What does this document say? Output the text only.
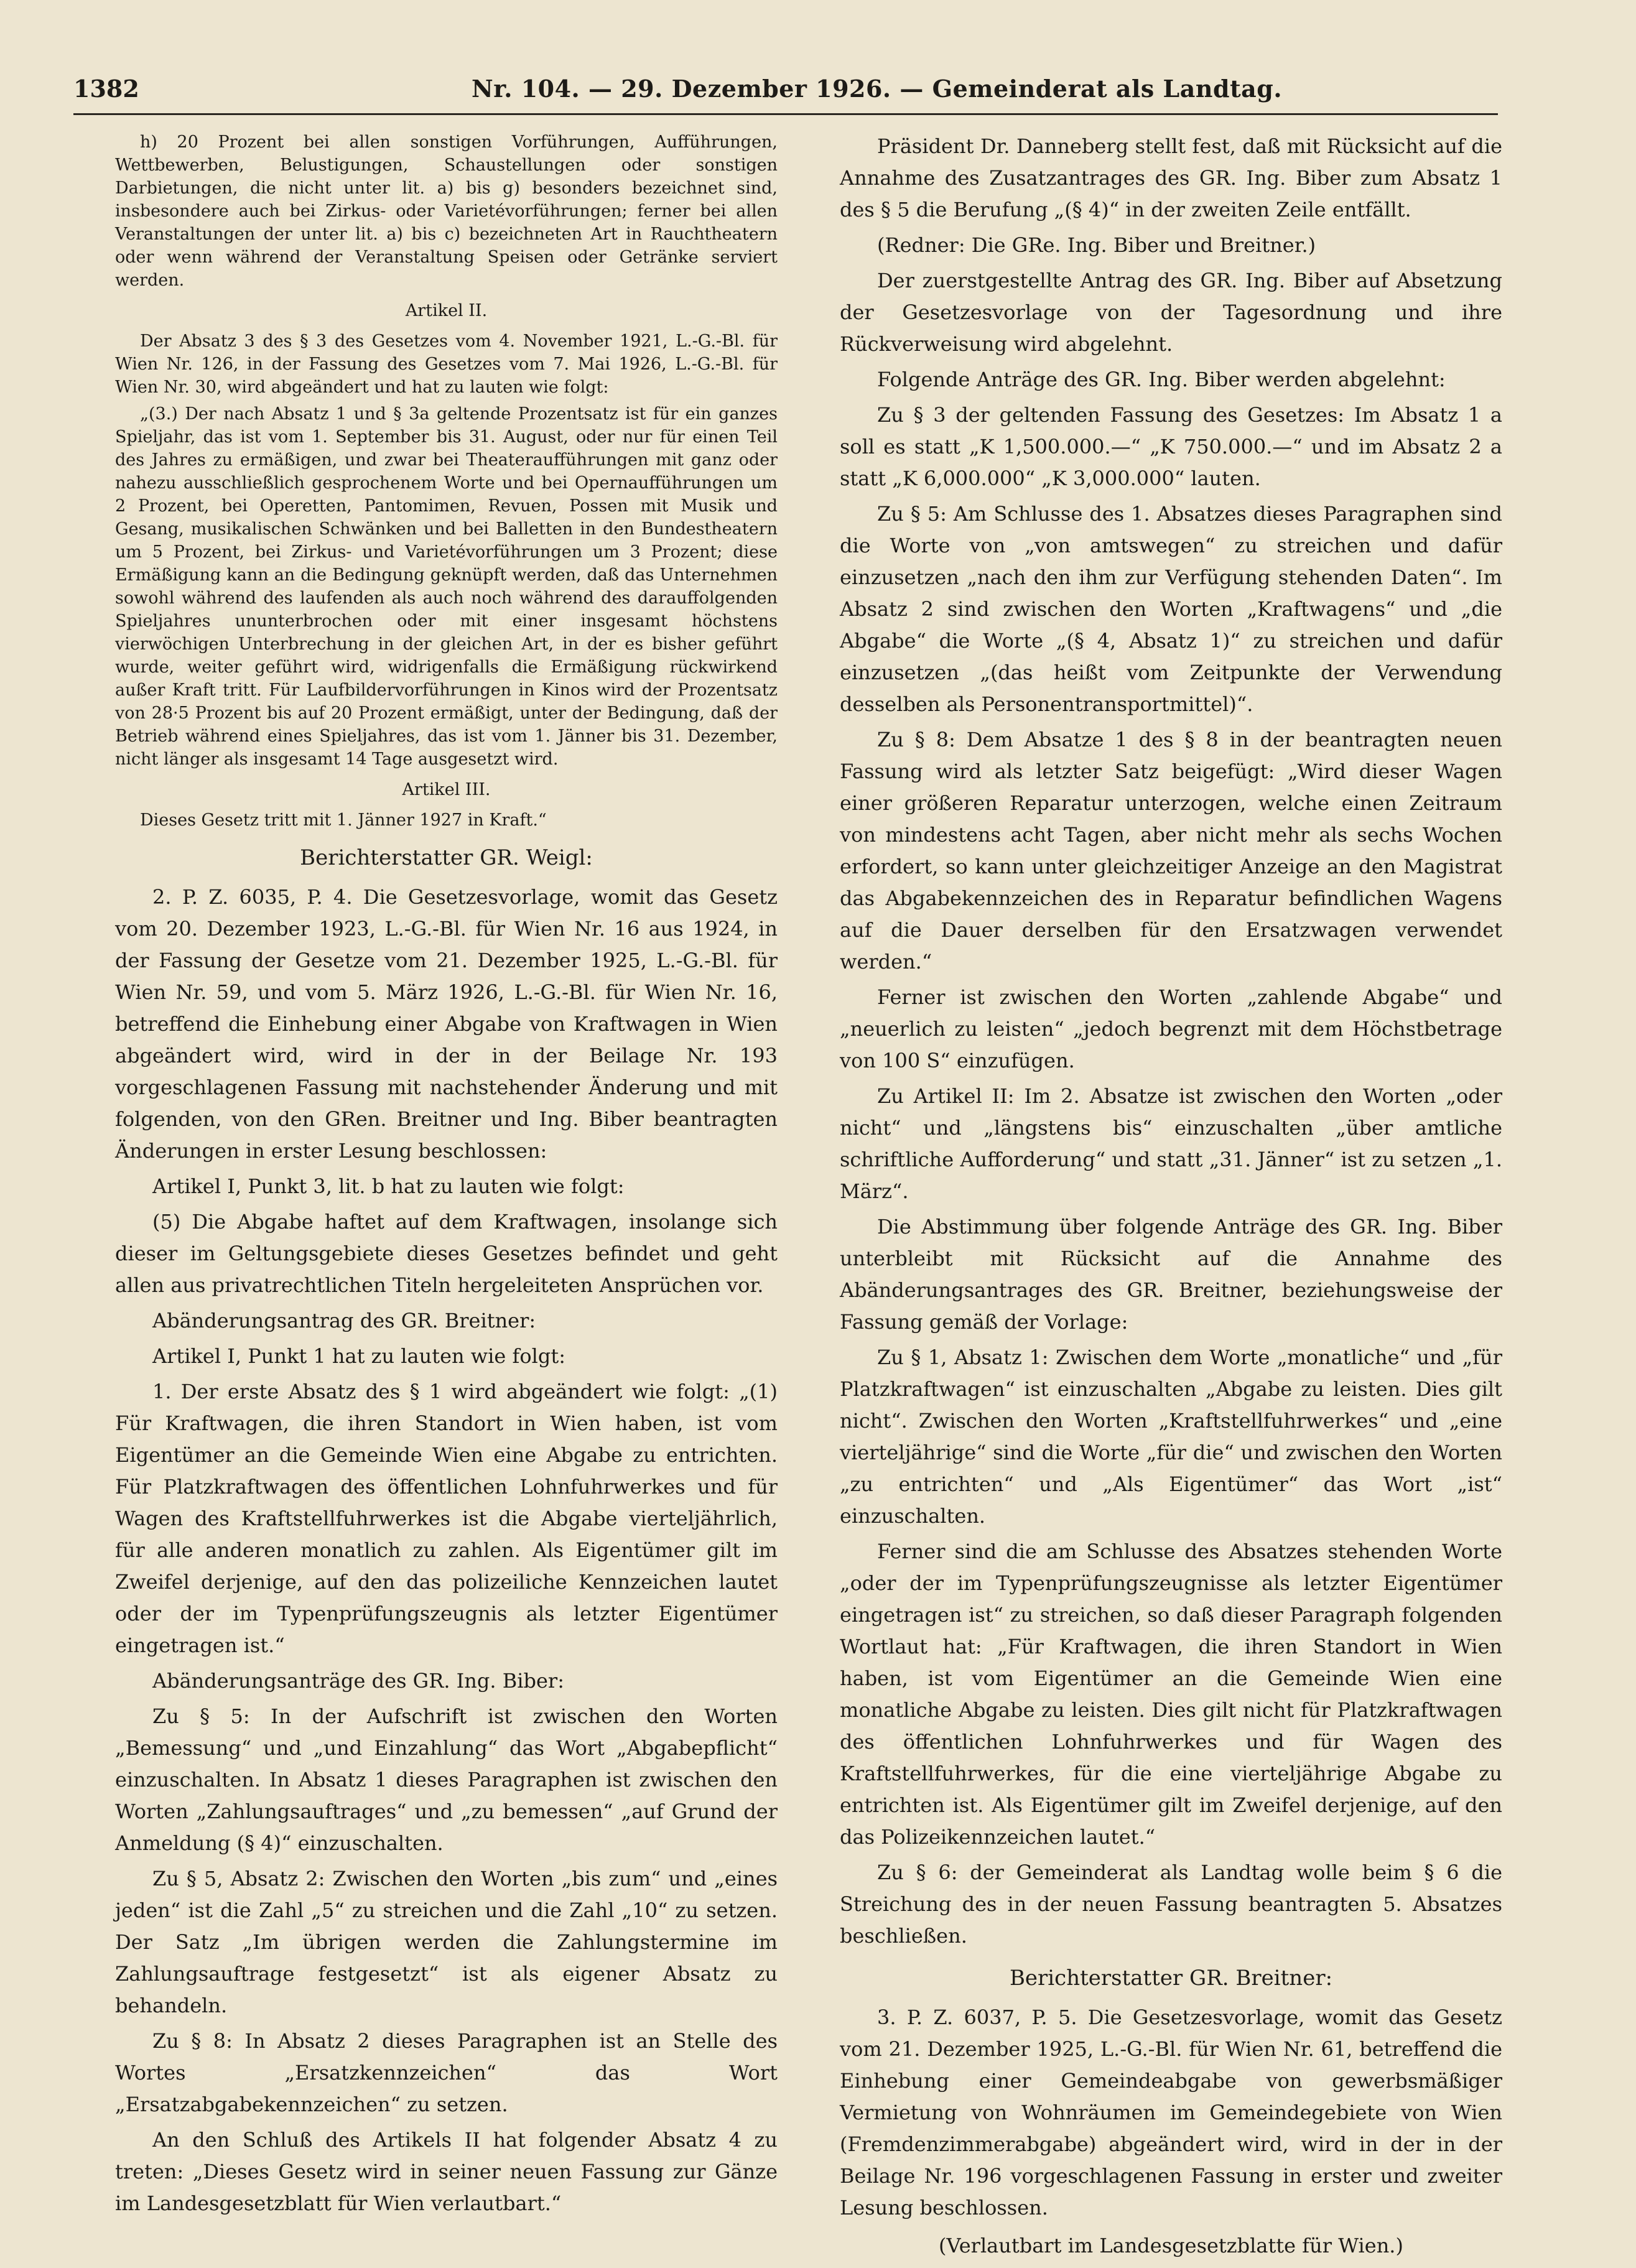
1382	Nr. 104. — 29. Dezember 1926. — Gemeinderat als Landtag.

h) 20 Prozent bei allen sonstigen Vorführungen, Aufführungen, Wettbewerben, Belustigungen, Schaustellungen oder sonstigen Darbietungen, die nicht unter lit. a) bis g) besonders bezeichnet sind, insbesondere auch bei Zirkus- oder Varietévorführungen; ferner bei allen Veranstaltungen der unter lit. a) bis c) bezeichneten Art in Rauchtheatern oder wenn während der Veranstaltung Speisen oder Getränke serviert werden.

Artikel II.

Der Absatz 3 des § 3 des Gesetzes vom 4. November 1921, L.-G.-Bl. für Wien Nr. 126, in der Fassung des Gesetzes vom 7. Mai 1926, L.-G.-Bl. für Wien Nr. 30, wird abgeändert und hat zu lauten wie folgt:

„(3.) Der nach Absatz 1 und § 3a geltende Prozentsatz ist für ein ganzes Spieljahr, das ist vom 1. September bis 31. August, oder nur für einen Teil des Jahres zu ermäßigen, und zwar bei Theateraufführungen mit ganz oder nahezu ausschließlich gesprochenem Worte und bei Opernaufführungen um 2 Prozent, bei Operetten, Pantomimen, Revuen, Possen mit Musik und Gesang, musikalischen Schwänken und bei Balletten in den Bundestheatern um 5 Prozent, bei Zirkus- und Varietévorführungen um 3 Prozent; diese Ermäßigung kann an die Bedingung geknüpft werden, daß das Unternehmen sowohl während des laufenden als auch noch während des darauffolgenden Spieljahres ununterbrochen oder mit einer insgesamt höchstens vierwöchigen Unterbrechung in der gleichen Art, in der es bisher geführt wurde, weiter geführt wird, widrigenfalls die Ermäßigung rückwirkend außer Kraft tritt. Für Laufbildervorführungen in Kinos wird der Prozentsatz von 28·5 Prozent bis auf 20 Prozent ermäßigt, unter der Bedingung, daß der Betrieb während eines Spieljahres, das ist vom 1. Jänner bis 31. Dezember, nicht länger als insgesamt 14 Tage ausgesetzt wird.

Artikel III.

Dieses Gesetz tritt mit 1. Jänner 1927 in Kraft.“

Berichterstatter GR. Weigl:

2. P. Z. 6035, P. 4. Die Gesetzesvorlage, womit das Gesetz vom 20. Dezember 1923, L.-G.-Bl. für Wien Nr. 16 aus 1924, in der Fassung der Gesetze vom 21. Dezember 1925, L.-G.-Bl. für Wien Nr. 59, und vom 5. März 1926, L.-G.-Bl. für Wien Nr. 16, betreffend die Einhebung einer Abgabe von Kraftwagen in Wien abgeändert wird, wird in der in der Beilage Nr. 193 vorgeschlagenen Fassung mit nachstehender Änderung und mit folgenden, von den GRen. Breitner und Ing. Biber beantragten Änderungen in erster Lesung beschlossen:

Artikel I, Punkt 3, lit. b hat zu lauten wie folgt:

(5) Die Abgabe haftet auf dem Kraftwagen, insolange sich dieser im Geltungsgebiete dieses Gesetzes befindet und geht allen aus privatrechtlichen Titeln hergeleiteten Ansprüchen vor.

Abänderungsantrag des GR. Breitner:

Artikel I, Punkt 1 hat zu lauten wie folgt:

1. Der erste Absatz des § 1 wird abgeändert wie folgt: „(1) Für Kraftwagen, die ihren Standort in Wien haben, ist vom Eigentümer an die Gemeinde Wien eine Abgabe zu entrichten. Für Platzkraftwagen des öffentlichen Lohnfuhrwerkes und für Wagen des Kraftstellfuhrwerkes ist die Abgabe vierteljährlich, für alle anderen monatlich zu zahlen. Als Eigentümer gilt im Zweifel derjenige, auf den das polizeiliche Kennzeichen lautet oder der im Typenprüfungszeugnis als letzter Eigentümer eingetragen ist.“

Abänderungsanträge des GR. Ing. Biber:

Zu § 5: In der Aufschrift ist zwischen den Worten „Bemessung“ und „und Einzahlung“ das Wort „Abgabepflicht“ einzuschalten. In Absatz 1 dieses Paragraphen ist zwischen den Worten „Zahlungsauftrages“ und „zu bemessen“ „auf Grund der Anmeldung (§ 4)“ einzuschalten.

Zu § 5, Absatz 2: Zwischen den Worten „bis zum“ und „eines jeden“ ist die Zahl „5“ zu streichen und die Zahl „10“ zu setzen. Der Satz „Im übrigen werden die Zahlungstermine im Zahlungsauftrage festgesetzt“ ist als eigener Absatz zu behandeln.

Zu § 8: In Absatz 2 dieses Paragraphen ist an Stelle des Wortes „Ersatzkennzeichen“ das Wort „Ersatzabgabekennzeichen“ zu setzen.

An den Schluß des Artikels II hat folgender Absatz 4 zu treten: „Dieses Gesetz wird in seiner neuen Fassung zur Gänze im Landesgesetzblatt für Wien verlautbart.“

Präsident Dr. Danneberg stellt fest, daß mit Rücksicht auf die Annahme des Zusatzantrages des GR. Ing. Biber zum Absatz 1 des § 5 die Berufung „(§ 4)“ in der zweiten Zeile entfällt.

(Redner: Die GRe. Ing. Biber und Breitner.)

Der zuerstgestellte Antrag des GR. Ing. Biber auf Absetzung der Gesetzesvorlage von der Tagesordnung und ihre Rückverweisung wird abgelehnt.

Folgende Anträge des GR. Ing. Biber werden abgelehnt:

Zu § 3 der geltenden Fassung des Gesetzes: Im Absatz 1 a soll es statt „K 1,500.000.—“ „K 750.000.—“ und im Absatz 2 a statt „K 6,000.000“ „K 3,000.000“ lauten.

Zu § 5: Am Schlusse des 1. Absatzes dieses Paragraphen sind die Worte von „von amtswegen“ zu streichen und dafür einzusetzen „nach den ihm zur Verfügung stehenden Daten“. Im Absatz 2 sind zwischen den Worten „Kraftwagens“ und „die Abgabe“ die Worte „(§ 4, Absatz 1)“ zu streichen und dafür einzusetzen „(das heißt vom Zeitpunkte der Verwendung desselben als Personentransportmittel)“.

Zu § 8: Dem Absatze 1 des § 8 in der beantragten neuen Fassung wird als letzter Satz beigefügt: „Wird dieser Wagen einer größeren Reparatur unterzogen, welche einen Zeitraum von mindestens acht Tagen, aber nicht mehr als sechs Wochen erfordert, so kann unter gleichzeitiger Anzeige an den Magistrat das Abgabekennzeichen des in Reparatur befindlichen Wagens auf die Dauer derselben für den Ersatzwagen verwendet werden.“

Ferner ist zwischen den Worten „zahlende Abgabe“ und „neuerlich zu leisten“ „jedoch begrenzt mit dem Höchstbetrage von 100 S“ einzufügen.

Zu Artikel II: Im 2. Absatze ist zwischen den Worten „oder nicht“ und „längstens bis“ einzuschalten „über amtliche schriftliche Aufforderung“ und statt „31. Jänner“ ist zu setzen „1. März“.

Die Abstimmung über folgende Anträge des GR. Ing. Biber unterbleibt mit Rücksicht auf die Annahme des Abänderungsantrages des GR. Breitner, beziehungsweise der Fassung gemäß der Vorlage:

Zu § 1, Absatz 1: Zwischen dem Worte „monatliche“ und „für Platzkraftwagen“ ist einzuschalten „Abgabe zu leisten. Dies gilt nicht“. Zwischen den Worten „Kraftstellfuhrwerkes“ und „eine vierteljährige“ sind die Worte „für die“ und zwischen den Worten „zu entrichten“ und „Als Eigentümer“ das Wort „ist“ einzuschalten.

Ferner sind die am Schlusse des Absatzes stehenden Worte „oder der im Typenprüfungszeugnisse als letzter Eigentümer eingetragen ist“ zu streichen, so daß dieser Paragraph folgenden Wortlaut hat: „Für Kraftwagen, die ihren Standort in Wien haben, ist vom Eigentümer an die Gemeinde Wien eine monatliche Abgabe zu leisten. Dies gilt nicht für Platzkraftwagen des öffentlichen Lohnfuhrwerkes und für Wagen des Kraftstellfuhrwerkes, für die eine vierteljährige Abgabe zu entrichten ist. Als Eigentümer gilt im Zweifel derjenige, auf den das Polizeikennzeichen lautet.“

Zu § 6: der Gemeinderat als Landtag wolle beim § 6 die Streichung des in der neuen Fassung beantragten 5. Absatzes beschließen.

Berichterstatter GR. Breitner:

3. P. Z. 6037, P. 5. Die Gesetzesvorlage, womit das Gesetz vom 21. Dezember 1925, L.-G.-Bl. für Wien Nr. 61, betreffend die Einhebung einer Gemeindeabgabe von gewerbsmäßiger Vermietung von Wohnräumen im Gemeindegebiete von Wien (Fremdenzimmerabgabe) abgeändert wird, wird in der in der Beilage Nr. 196 vorgeschlagenen Fassung in erster und zweiter Lesung beschlossen.

(Verlautbart im Landesgesetzblatte für Wien.)
